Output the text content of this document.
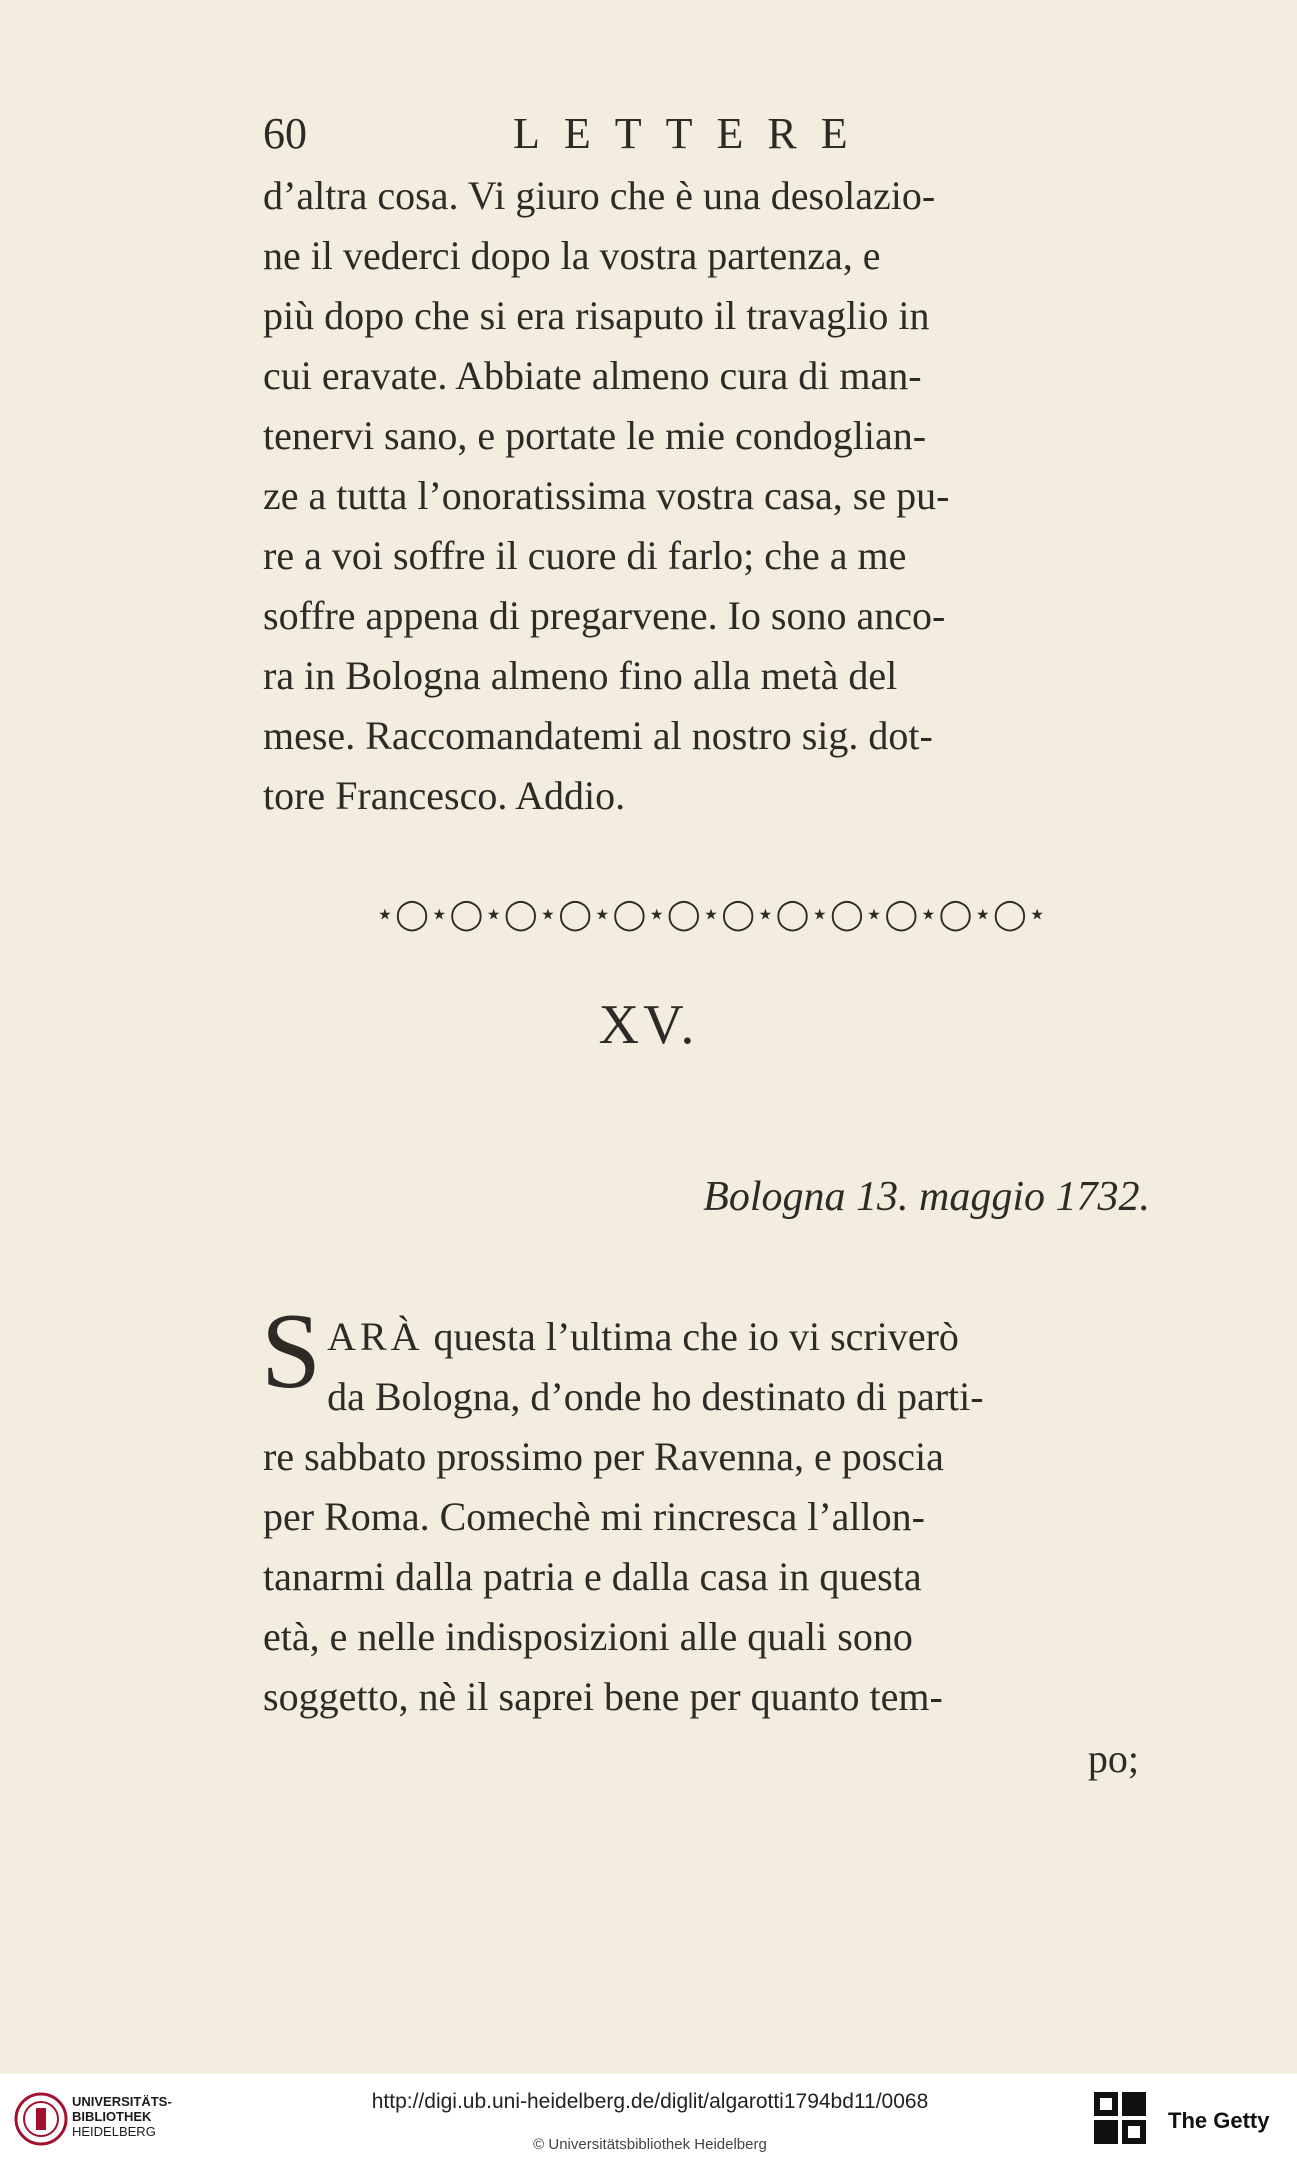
60	LETTERE

d’altra cosa. Vi giuro che è una desolazio-

ne il vederci dopo la vostra partenza, e

più dopo che si era risaputo il travaglio in

cui eravate. Abbiate almeno cura di man-

tenervi sano, e portate le mie condoglian-

ze a tutta l’onoratissima vostra casa, se pu-

re a voi soffre il cuore di farlo; che a me

soffre appena di pregarvene. Io sono anco-

ra in Bologna almeno fino alla metà del

mese. Raccomandatemi al nostro sig. dot-

tore Francesco. Addio.

⋆◯⋆◯⋆◯⋆◯⋆◯⋆◯⋆◯⋆◯⋆◯⋆◯⋆◯⋆◯⋆
XV.
Bologna 13. maggio 1732.

SARÀ questa l’ultima che io vi scriverò

da Bologna, d’onde ho destinato di parti-

re sabbato prossimo per Ravenna, e poscia

per Roma. Comechè mi rincresca l’allon-

tanarmi dalla patria e dalla casa in questa

età, e nelle indisposizioni alle quali sono

soggetto, nè il saprei bene per quanto tem-

po;
UNIVERSITÄTS-
BIBLIOTHEK
HEIDELBERG
http://digi.ub.uni-heidelberg.de/diglit/algarotti1794bd11/0068
© Universitätsbibliothek Heidelberg
The Getty
